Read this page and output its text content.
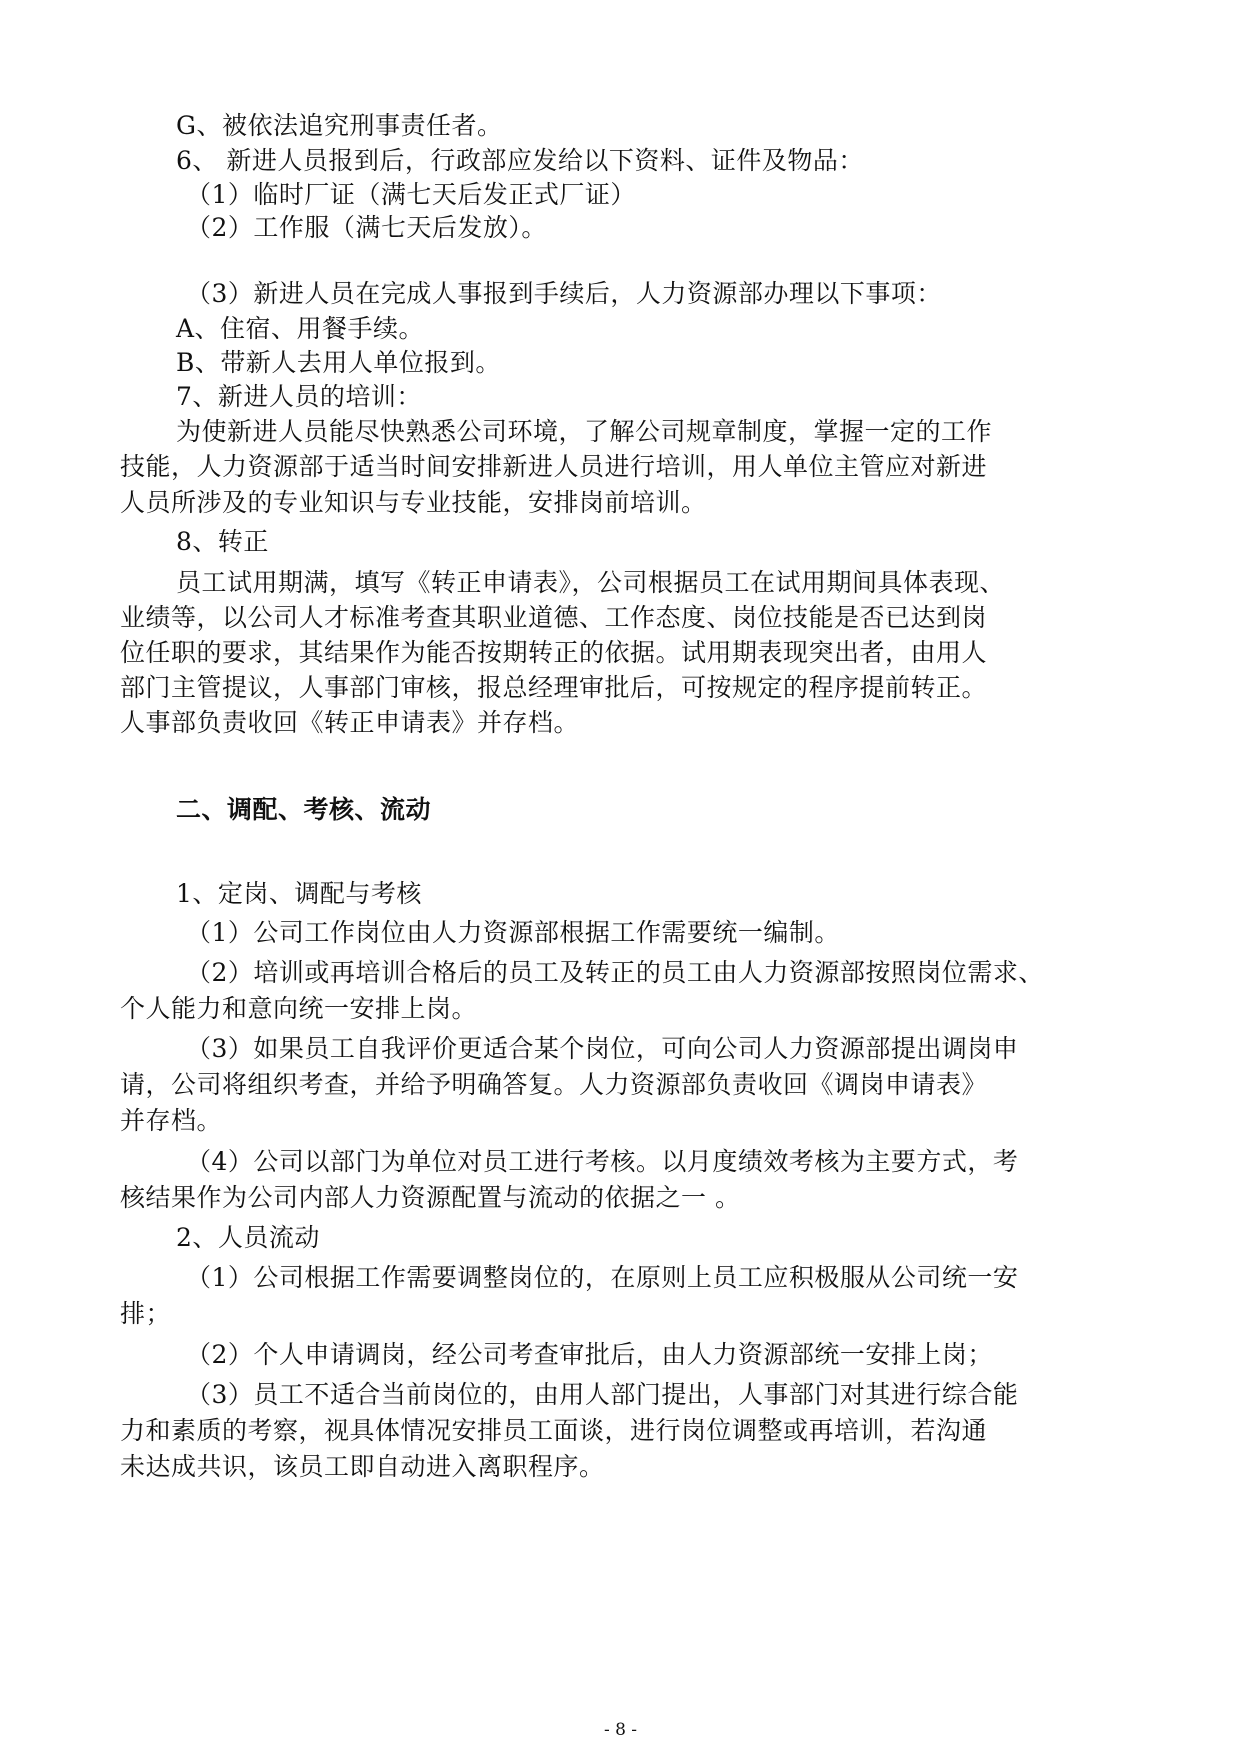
G、被依法追究刑事责任者。
6、 新进人员报到后，行政部应发给以下资料、证件及物品：
（1）临时厂证（满七天后发正式厂证）
（2）工作服（满七天后发放）。
（3）新进人员在完成人事报到手续后，人力资源部办理以下事项：
A、住宿、用餐手续。
B、带新人去用人单位报到。
7、新进人员的培训：
为使新进人员能尽快熟悉公司环境，了解公司规章制度，掌握一定的工作
技能，人力资源部于适当时间安排新进人员进行培训，用人单位主管应对新进
人员所涉及的专业知识与专业技能，安排岗前培训。
8、转正
员工试用期满，填写《转正申请表》，公司根据员工在试用期间具体表现、
业绩等，以公司人才标准考查其职业道德、工作态度、岗位技能是否已达到岗
位任职的要求，其结果作为能否按期转正的依据。试用期表现突出者，由用人
部门主管提议，人事部门审核，报总经理审批后，可按规定的程序提前转正。
人事部负责收回《转正申请表》并存档。
二、调配、考核、流动
1、定岗、调配与考核
（1）公司工作岗位由人力资源部根据工作需要统一编制。
（2）培训或再培训合格后的员工及转正的员工由人力资源部按照岗位需求、
个人能力和意向统一安排上岗。
（3）如果员工自我评价更适合某个岗位，可向公司人力资源部提出调岗申
请，公司将组织考查，并给予明确答复。人力资源部负责收回《调岗申请表》
并存档。
（4）公司以部门为单位对员工进行考核。以月度绩效考核为主要方式，考
核结果作为公司内部人力资源配置与流动的依据之一 。
2、人员流动
（1）公司根据工作需要调整岗位的，在原则上员工应积极服从公司统一安
排；
（2）个人申请调岗，经公司考查审批后，由人力资源部统一安排上岗；
（3）员工不适合当前岗位的，由用人部门提出，人事部门对其进行综合能
力和素质的考察，视具体情况安排员工面谈，进行岗位调整或再培训，若沟通
未达成共识，该员工即自动进入离职程序。
- 8 -
